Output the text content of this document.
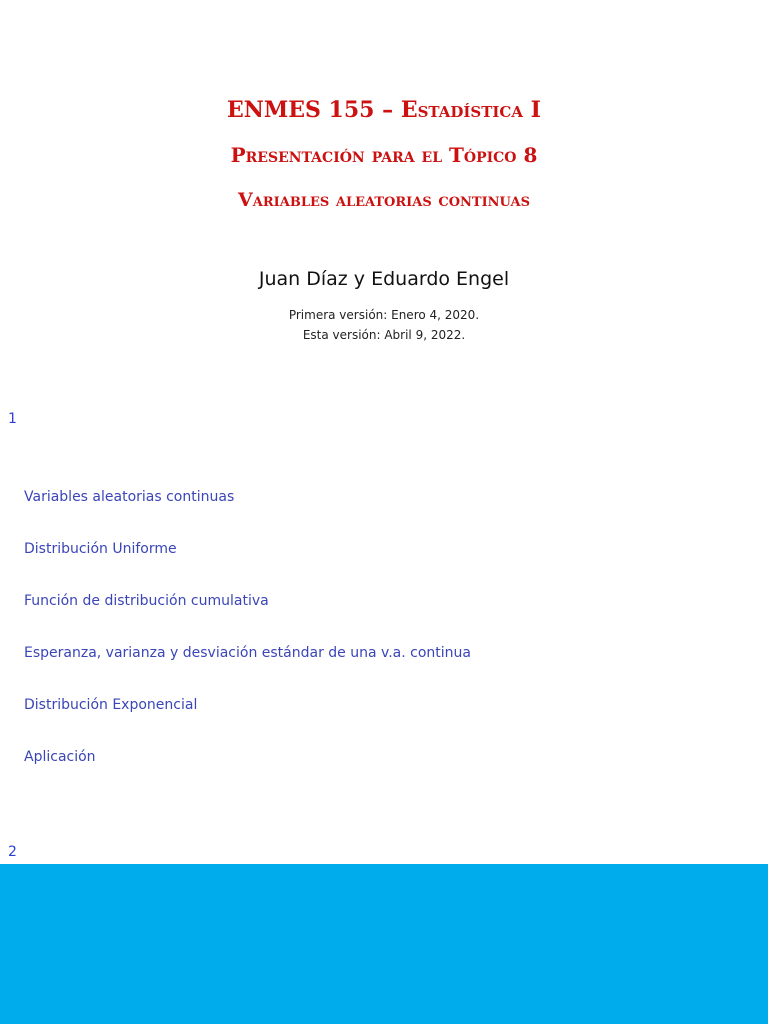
ENMES 155 – Estadística I
Presentación para el Tópico 8
Variables aleatorias continuas

Juan Díaz y Eduardo Engel

Primera versión: Enero 4, 2020.

Esta versión: Abril 9, 2022.

1
Variables aleatorias continuas
Distribución Uniforme
Función de distribución cumulativa
Esperanza, varianza y desviación estándar de una v.a. continua
Distribución Exponencial
Aplicación
2
